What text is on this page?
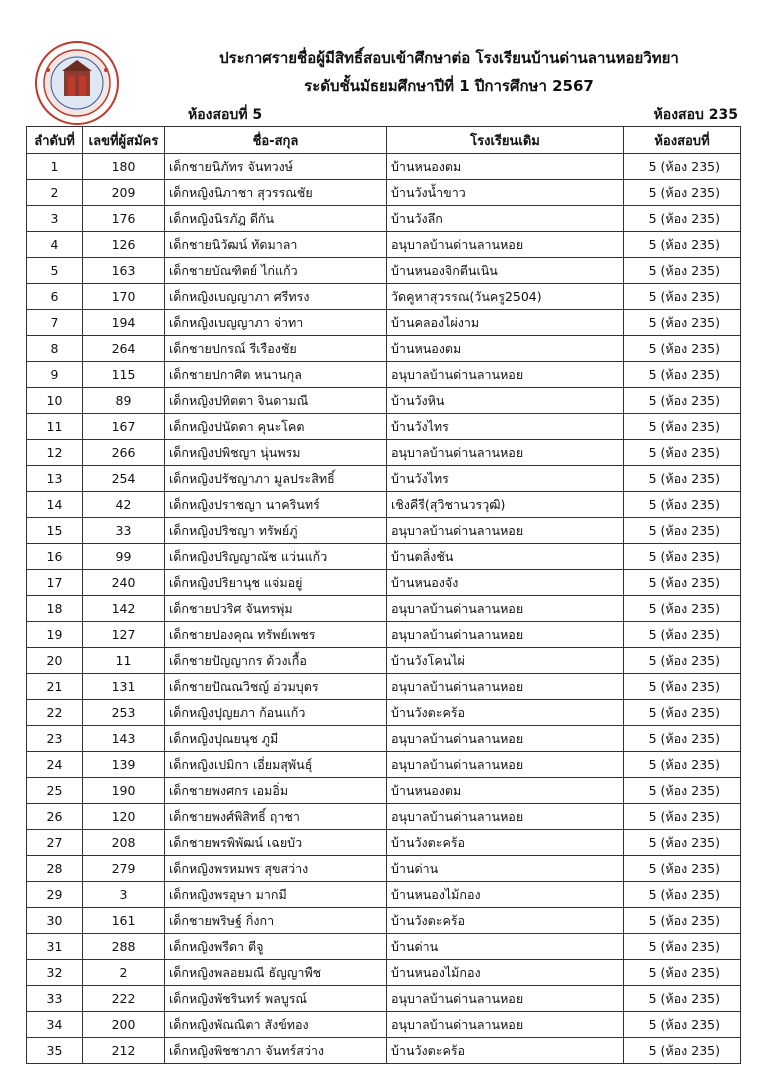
ประกาศรายชื่อผู้มีสิทธิ์สอบเข้าศึกษาต่อ โรงเรียนบ้านด่านลานหอยวิทยา
ระดับชั้นมัธยมศึกษาปีที่ 1 ปีการศึกษา 2567
ห้องสอบที่ 5	ห้องสอบ 235
ลำดับที่	เลขที่ผู้สมัคร	ชื่อ-สกุล	โรงเรียนเดิม	ห้องสอบที่
1	180	เด็กชายนิภัทร จันทวงษ์	บ้านหนองตม	5 (ห้อง 235)
2	209	เด็กหญิงนิภาชา สุวรรณชัย	บ้านวังน้ำขาว	5 (ห้อง 235)
3	176	เด็กหญิงนิรภัฎ ดีกัน	บ้านวังลึก	5 (ห้อง 235)
4	126	เด็กชายนิวัฒน์ ทัดมาลา	อนุบาลบ้านด่านลานหอย	5 (ห้อง 235)
5	163	เด็กชายบัณฑิตย์ ไก่แก้ว	บ้านหนองจิกตีนเนิน	5 (ห้อง 235)
6	170	เด็กหญิงเบญญาภา ศรีทรง	วัดคูหาสุวรรณ(วันครู2504)	5 (ห้อง 235)
7	194	เด็กหญิงเบญญาภา จ่าทา	บ้านคลองไผ่งาม	5 (ห้อง 235)
8	264	เด็กชายปกรณ์ รีเรืองชัย	บ้านหนองตม	5 (ห้อง 235)
9	115	เด็กชายปกาศิต หนานกุล	อนุบาลบ้านด่านลานหอย	5 (ห้อง 235)
10	89	เด็กหญิงปทิตตา จินดามณี	บ้านวังหิน	5 (ห้อง 235)
11	167	เด็กหญิงปนัดดา คุนะโคต	บ้านวังไทร	5 (ห้อง 235)
12	266	เด็กหญิงปพิชญา นุ่นพรม	อนุบาลบ้านด่านลานหอย	5 (ห้อง 235)
13	254	เด็กหญิงปรัชญาภา มูลประสิทธิ์	บ้านวังไทร	5 (ห้อง 235)
14	42	เด็กหญิงปราชญา นาครินทร์	เชิงคีรี(สุวิชานวรวุฒิ)	5 (ห้อง 235)
15	33	เด็กหญิงปริชญา ทรัพย์ภู่	อนุบาลบ้านด่านลานหอย	5 (ห้อง 235)
16	99	เด็กหญิงปริญญาณัช แว่นแก้ว	บ้านตลิ่งชัน	5 (ห้อง 235)
17	240	เด็กหญิงปริยานุช แจ่มอยู่	บ้านหนองจัง	5 (ห้อง 235)
18	142	เด็กชายปวริศ จันทรพุ่ม	อนุบาลบ้านด่านลานหอย	5 (ห้อง 235)
19	127	เด็กชายปองคุณ ทรัพย์เพชร	อนุบาลบ้านด่านลานหอย	5 (ห้อง 235)
20	11	เด็กชายปัญญากร ด้วงเกื้อ	บ้านวังโคนไผ่	5 (ห้อง 235)
21	131	เด็กชายปัณณวิชญ์ อ่วมบุตร	อนุบาลบ้านด่านลานหอย	5 (ห้อง 235)
22	253	เด็กหญิงปุญยภา ก้อนแก้ว	บ้านวังตะคร้อ	5 (ห้อง 235)
23	143	เด็กหญิงปุณยนุช ภูมี	อนุบาลบ้านด่านลานหอย	5 (ห้อง 235)
24	139	เด็กหญิงเปมิกา เอี่ยมสุพันธุ์	อนุบาลบ้านด่านลานหอย	5 (ห้อง 235)
25	190	เด็กชายพงศกร เอมอิ่ม	บ้านหนองตม	5 (ห้อง 235)
26	120	เด็กชายพงศ์พิสิทธิ์ ฤาชา	อนุบาลบ้านด่านลานหอย	5 (ห้อง 235)
27	208	เด็กชายพรพิพัฒน์ เฉยบัว	บ้านวังตะคร้อ	5 (ห้อง 235)
28	279	เด็กหญิงพรหมพร สุขสว่าง	บ้านด่าน	5 (ห้อง 235)
29	3	เด็กหญิงพรอุษา มากมี	บ้านหนองไม้กอง	5 (ห้อง 235)
30	161	เด็กชายพริษฐ์ กิ่งกา	บ้านวังตะคร้อ	5 (ห้อง 235)
31	288	เด็กหญิงพรีดา ตีจู	บ้านด่าน	5 (ห้อง 235)
32	2	เด็กหญิงพลอยมณี ธัญญาพืช	บ้านหนองไม้กอง	5 (ห้อง 235)
33	222	เด็กหญิงพัชรินทร์ พลบูรณ์	อนุบาลบ้านด่านลานหอย	5 (ห้อง 235)
34	200	เด็กหญิงพัณณิตา สังข์ทอง	อนุบาลบ้านด่านลานหอย	5 (ห้อง 235)
35	212	เด็กหญิงพิชชาภา จันทร์สว่าง	บ้านวังตะคร้อ	5 (ห้อง 235)
